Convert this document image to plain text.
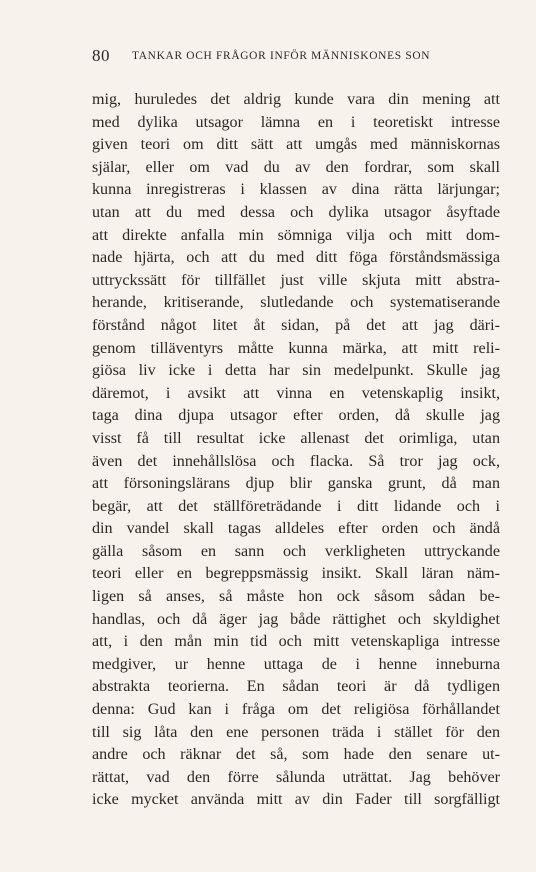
80 TANKAR OCH FRÅGOR INFÖR MÄNNISKONES SON
mig, huruledes det aldrig kunde vara din mening att
med dylika utsagor lämna en i teoretiskt intresse
given teori om ditt sätt att umgås med människornas
själar, eller om vad du av den fordrar, som skall
kunna inregistreras i klassen av dina rätta lärjungar;
utan att du med dessa och dylika utsagor åsyftade
att direkte anfalla min sömniga vilja och mitt dom-
nade hjärta, och att du med ditt föga förståndsmässiga
uttryckssätt för tillfället just ville skjuta mitt abstra-
herande, kritiserande, slutledande och systematiserande
förstånd något litet åt sidan, på det att jag däri-
genom tilläventyrs måtte kunna märka, att mitt reli-
giösa liv icke i detta har sin medelpunkt. Skulle jag
däremot, i avsikt att vinna en vetenskaplig insikt,
taga dina djupa utsagor efter orden, då skulle jag
visst få till resultat icke allenast det orimliga, utan
även det innehållslösa och flacka. Så tror jag ock,
att försoningslärans djup blir ganska grunt, då man
begär, att det ställföreträdande i ditt lidande och i
din vandel skall tagas alldeles efter orden och ändå
gälla såsom en sann och verkligheten uttryckande
teori eller en begreppsmässig insikt. Skall läran näm-
ligen så anses, så måste hon ock såsom sådan be-
handlas, och då äger jag både rättighet och skyldighet
att, i den mån min tid och mitt vetenskapliga intresse
medgiver, ur henne uttaga de i henne inneburna
abstrakta teorierna. En sådan teori är då tydligen
denna: Gud kan i fråga om det religiösa förhållandet
till sig låta den ene personen träda i stället för den
andre och räknar det så, som hade den senare ut-
rättat, vad den förre sålunda uträttat. Jag behöver
icke mycket använda mitt av din Fader till sorgfälligt
